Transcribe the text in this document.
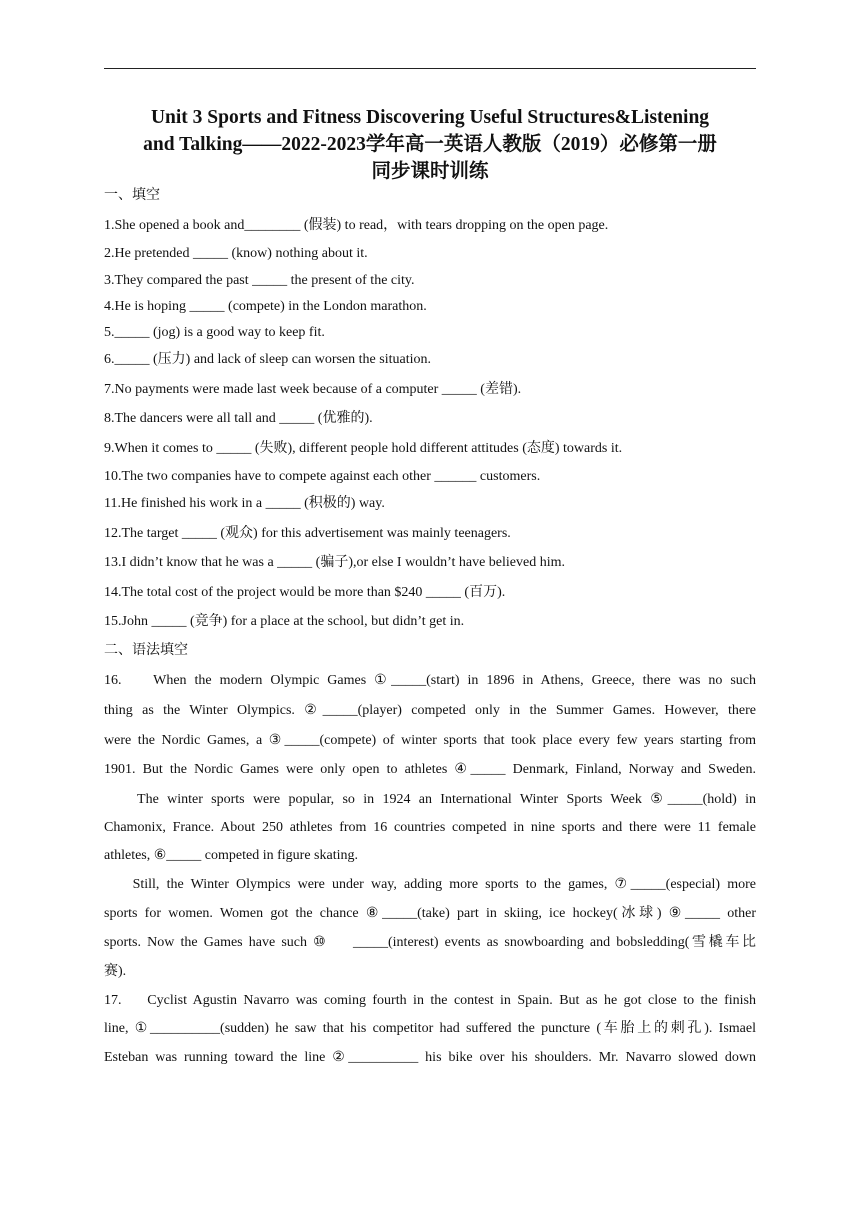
Unit 3 Sports and Fitness Discovering Useful Structures&Listening
and Talking——2022-2023学年高一英语人教版（2019）必修第一册
同步课时训练
一、填空
1.She opened a book and________ (假装) to read，with tears dropping on the open page.
2.He pretended _____ (know) nothing about it.
3.They compared the past _____ the present of the city.
4.He is hoping _____ (compete) in the London marathon.
5._____ (jog) is a good way to keep fit.
6._____ (压力) and lack of sleep can worsen the situation.
7.No payments were made last week because of a computer _____ (差错).
8.The dancers were all tall and _____ (优雅的).
9.When it comes to _____ (失败), different people hold different attitudes (态度) towards it.
10.The two companies have to compete against each other ______ customers.
11.He finished his work in a _____ (积极的) way.
12.The target _____ (观众) for this advertisement was mainly teenagers.
13.I didn’t know that he was a _____ (骗子),or else I wouldn’t have believed him.
14.The total cost of the project would be more than $240 _____ (百万).
15.John _____ (竞争) for a place at the school, but didn’t get in.
二、语法填空
16.    When the modern Olympic Games ①_____(start) in 1896 in Athens, Greece, there was no such
thing as the Winter Olympics. ②_____(player) competed only in the Summer Games. However, there
were the Nordic Games, a ③_____(compete) of winter sports that took place every few years starting from
1901. But the Nordic Games were only open to athletes ④_____ Denmark, Finland, Norway and Sweden.
The winter sports were popular, so in 1924 an International Winter Sports Week ⑤_____(hold) in
Chamonix, France. About 250 athletes from 16 countries competed in nine sports and there were 11 female
athletes, ⑥_____ competed in figure skating.
Still, the Winter Olympics were under way, adding more sports to the games, ⑦_____(especial) more
sports for women. Women got the chance ⑧_____(take) part in skiing, ice hockey(冰球) ⑨_____ other
sports. Now the Games have such ⑩    _____(interest) events as snowboarding and bobsledding(雪橇车比
赛).
17.    Cyclist Agustin Navarro was coming fourth in the contest in Spain. But as he got close to the finish
line, ①__________(sudden) he saw that his competitor had suffered the puncture (车胎上的刺孔). Ismael
Esteban was running toward the line ②__________ his bike over his shoulders. Mr. Navarro slowed down
